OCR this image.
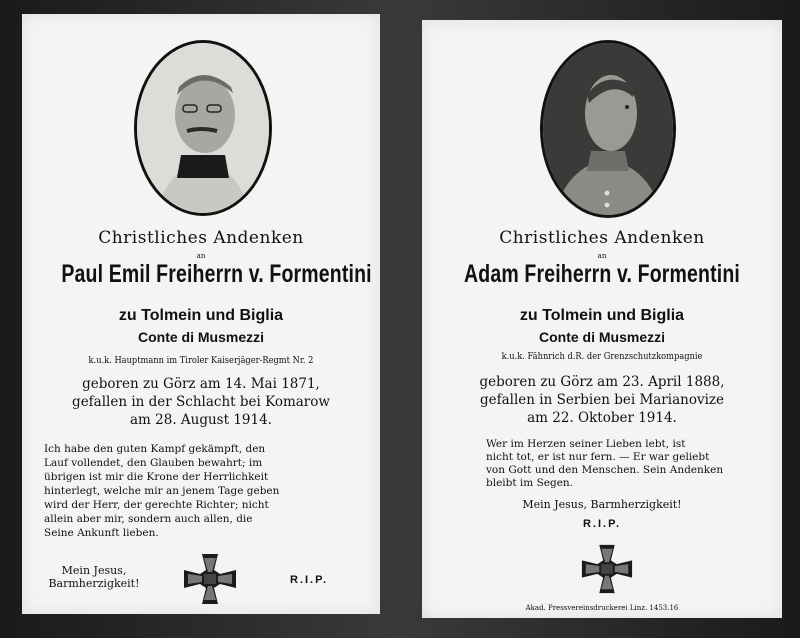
Christliches Andenken
an
Paul Emil Freiherrn v. Formentini
zu Tolmein und Biglia
Conte di Musmezzi
k.u.k. Hauptmann im Tiroler Kaiserjäger-Regmt Nr. 2
geboren zu Görz am 14. Mai 1871,
gefallen in der Schlacht bei Komarow
am 28. August 1914.
Ich habe den guten Kampf gekämpft, den
Lauf vollendet, den Glauben bewahrt; im
übrigen ist mir die Krone der Herrlichkeit
hinterlegt, welche mir an jenem Tage geben
wird der Herr, der gerechte Richter; nicht
allein aber mir, sondern auch allen, die
Seine Ankunft lieben.
Mein Jesus,
Barmherzigkeit!	R.I.P.
Christliches Andenken
an
Adam Freiherrn v. Formentini
zu Tolmein und Biglia
Conte di Musmezzi
k.u.k. Fähnrich d.R. der Grenzschutzkompagnie
geboren zu Görz am 23. April 1888,
gefallen in Serbien bei Marianovize
am 22. Oktober 1914.
Wer im Herzen seiner Lieben lebt, ist
nicht tot, er ist nur fern. — Er war geliebt
von Gott und den Menschen. Sein Andenken
bleibt im Segen.
Mein Jesus, Barmherzigkeit!
R.I.P.
Akad. Pressvereinsdruckerei Linz. 1453.16
